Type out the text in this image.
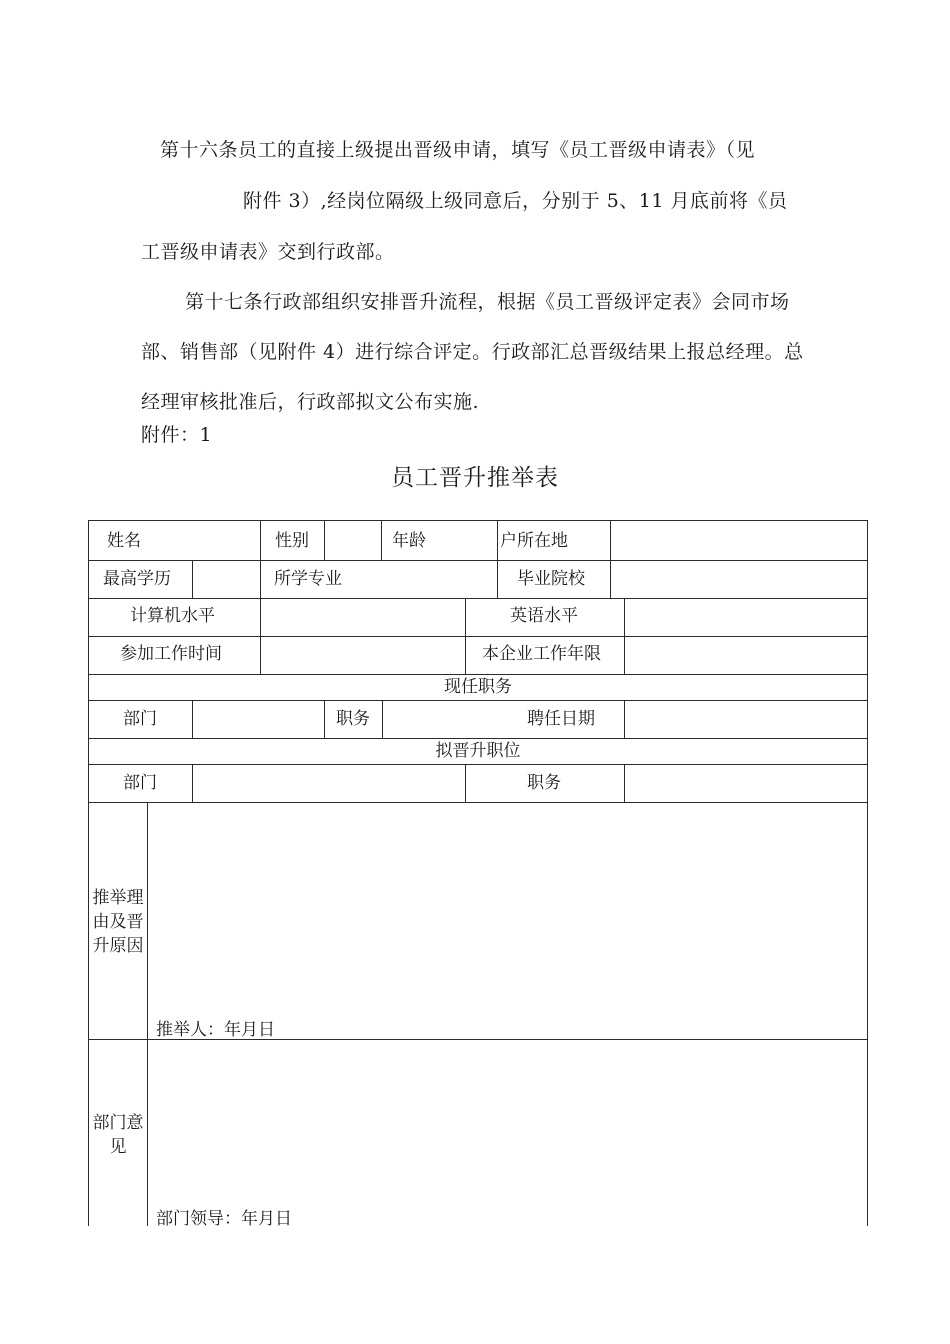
第十六条员工的直接上级提出晋级申请，填写《员工晋级申请表》（见

附件 3）,经岗位隔级上级同意后，分别于 5、11 月底前将《员

工晋级申请表》交到行政部。

第十七条行政部组织安排晋升流程，根据《员工晋级评定表》会同市场

部、销售部（见附件 4）进行综合评定。行政部汇总晋级结果上报总经理。总

经理审核批准后，行政部拟文公布实施.

附件：1

员工晋升推举表
姓名	性别	年龄	户所在地
最高学历	所学专业	毕业院校
计算机水平	英语水平
参加工作时间	本企业工作年限
现任职务
部门	职务	聘任日期
拟晋升职位
部门	职务
推举理
由及晋
升原因
推举人：年月日
部门意
见
部门领导：年月日
